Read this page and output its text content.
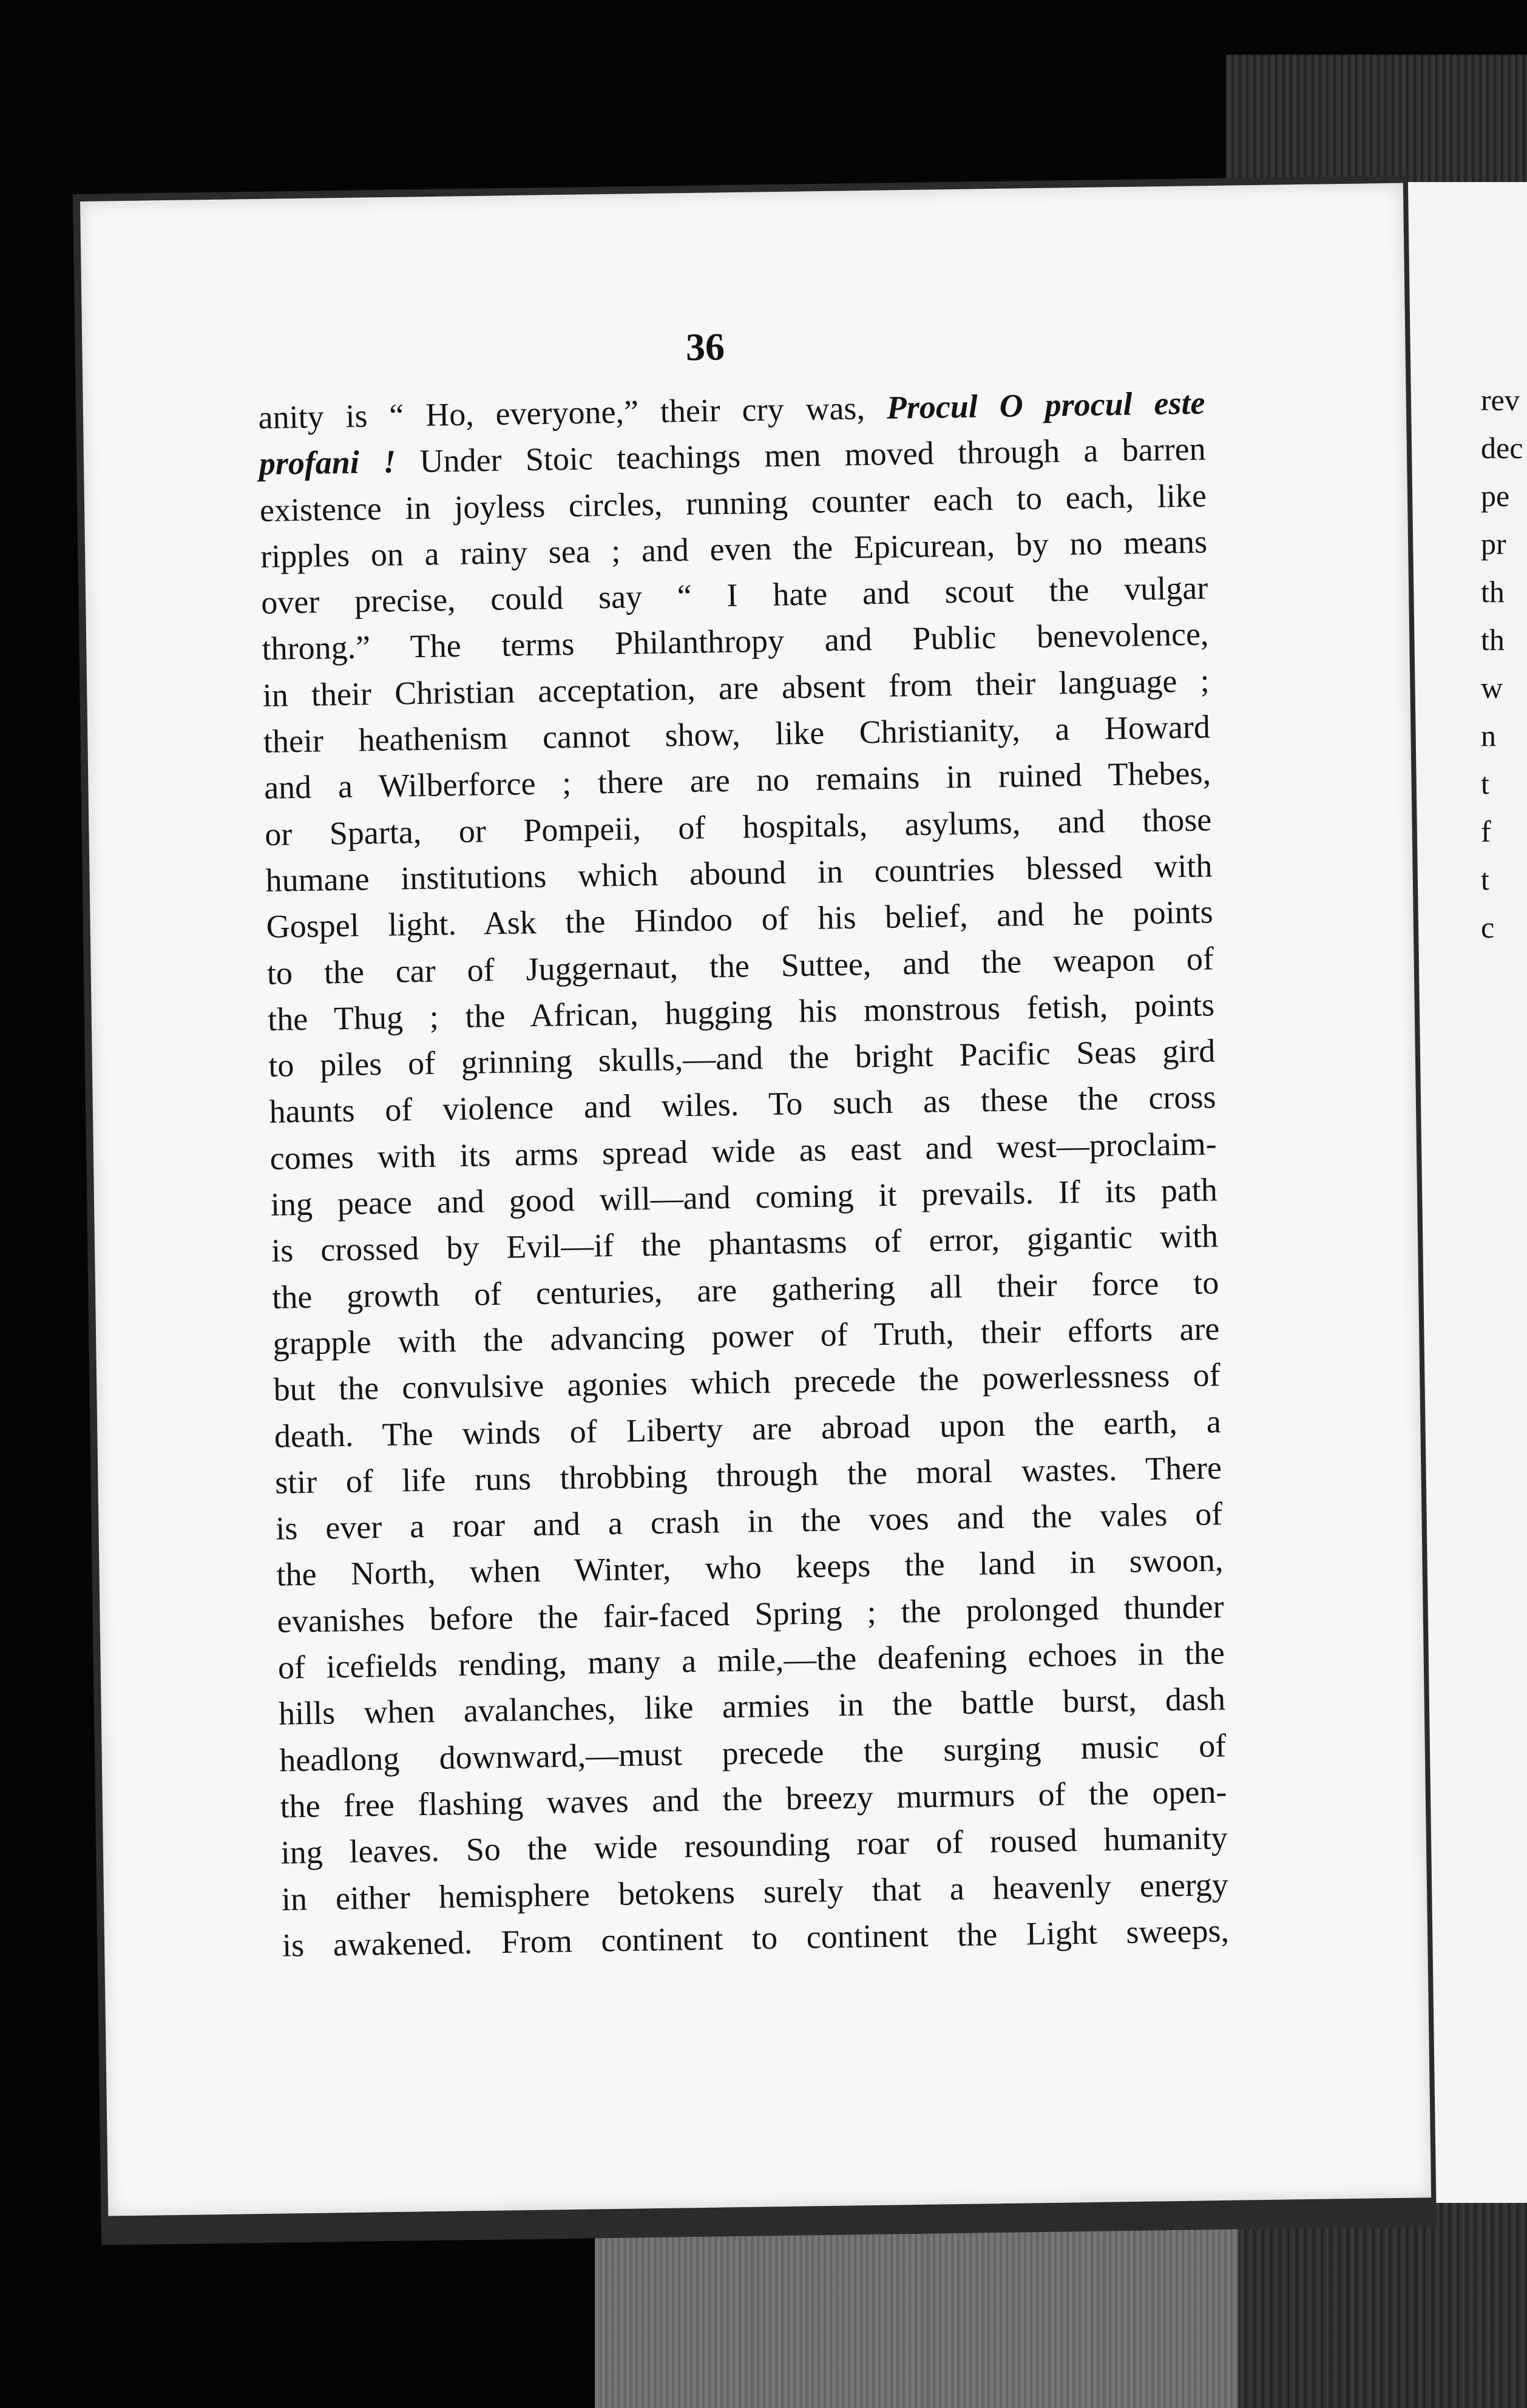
rev
dec
pe
pr
th
th
w
n
t
f
t
c
36
anity is “ Ho, everyone,” their cry was, Procul O procul este
profani ! Under Stoic teachings men moved through a barren
existence in joyless circles, running counter each to each, like
ripples on a rainy sea ; and even the Epicurean, by no means
over precise, could say “ I hate and scout the vulgar
throng.” The terms Philanthropy and Public benevolence,
in their Christian acceptation, are absent from their language ;
their heathenism cannot show, like Christianity, a Howard
and a Wilberforce ; there are no remains in ruined Thebes,
or Sparta, or Pompeii, of hospitals, asylums, and those
humane institutions which abound in countries blessed with
Gospel light. Ask the Hindoo of his belief, and he points
to the car of Juggernaut, the Suttee, and the weapon of
the Thug ; the African, hugging his monstrous fetish, points
to piles of grinning skulls,—and the bright Pacific Seas gird
haunts of violence and wiles. To such as these the cross
comes with its arms spread wide as east and west—proclaim-
ing peace and good will—and coming it prevails. If its path
is crossed by Evil—if the phantasms of error, gigantic with
the growth of centuries, are gathering all their force to
grapple with the advancing power of Truth, their efforts are
but the convulsive agonies which precede the powerlessness of
death. The winds of Liberty are abroad upon the earth, a
stir of life runs throbbing through the moral wastes. There
is ever a roar and a crash in the voes and the vales of
the North, when Winter, who keeps the land in swoon,
evanishes before the fair-faced Spring ; the prolonged thunder
of icefields rending, many a mile,—the deafening echoes in the
hills when avalanches, like armies in the battle burst, dash
headlong downward,—must precede the surging music of
the free flashing waves and the breezy murmurs of the open-
ing leaves. So the wide resounding roar of roused humanity
in either hemisphere betokens surely that a heavenly energy
is awakened. From continent to continent the Light sweeps,
